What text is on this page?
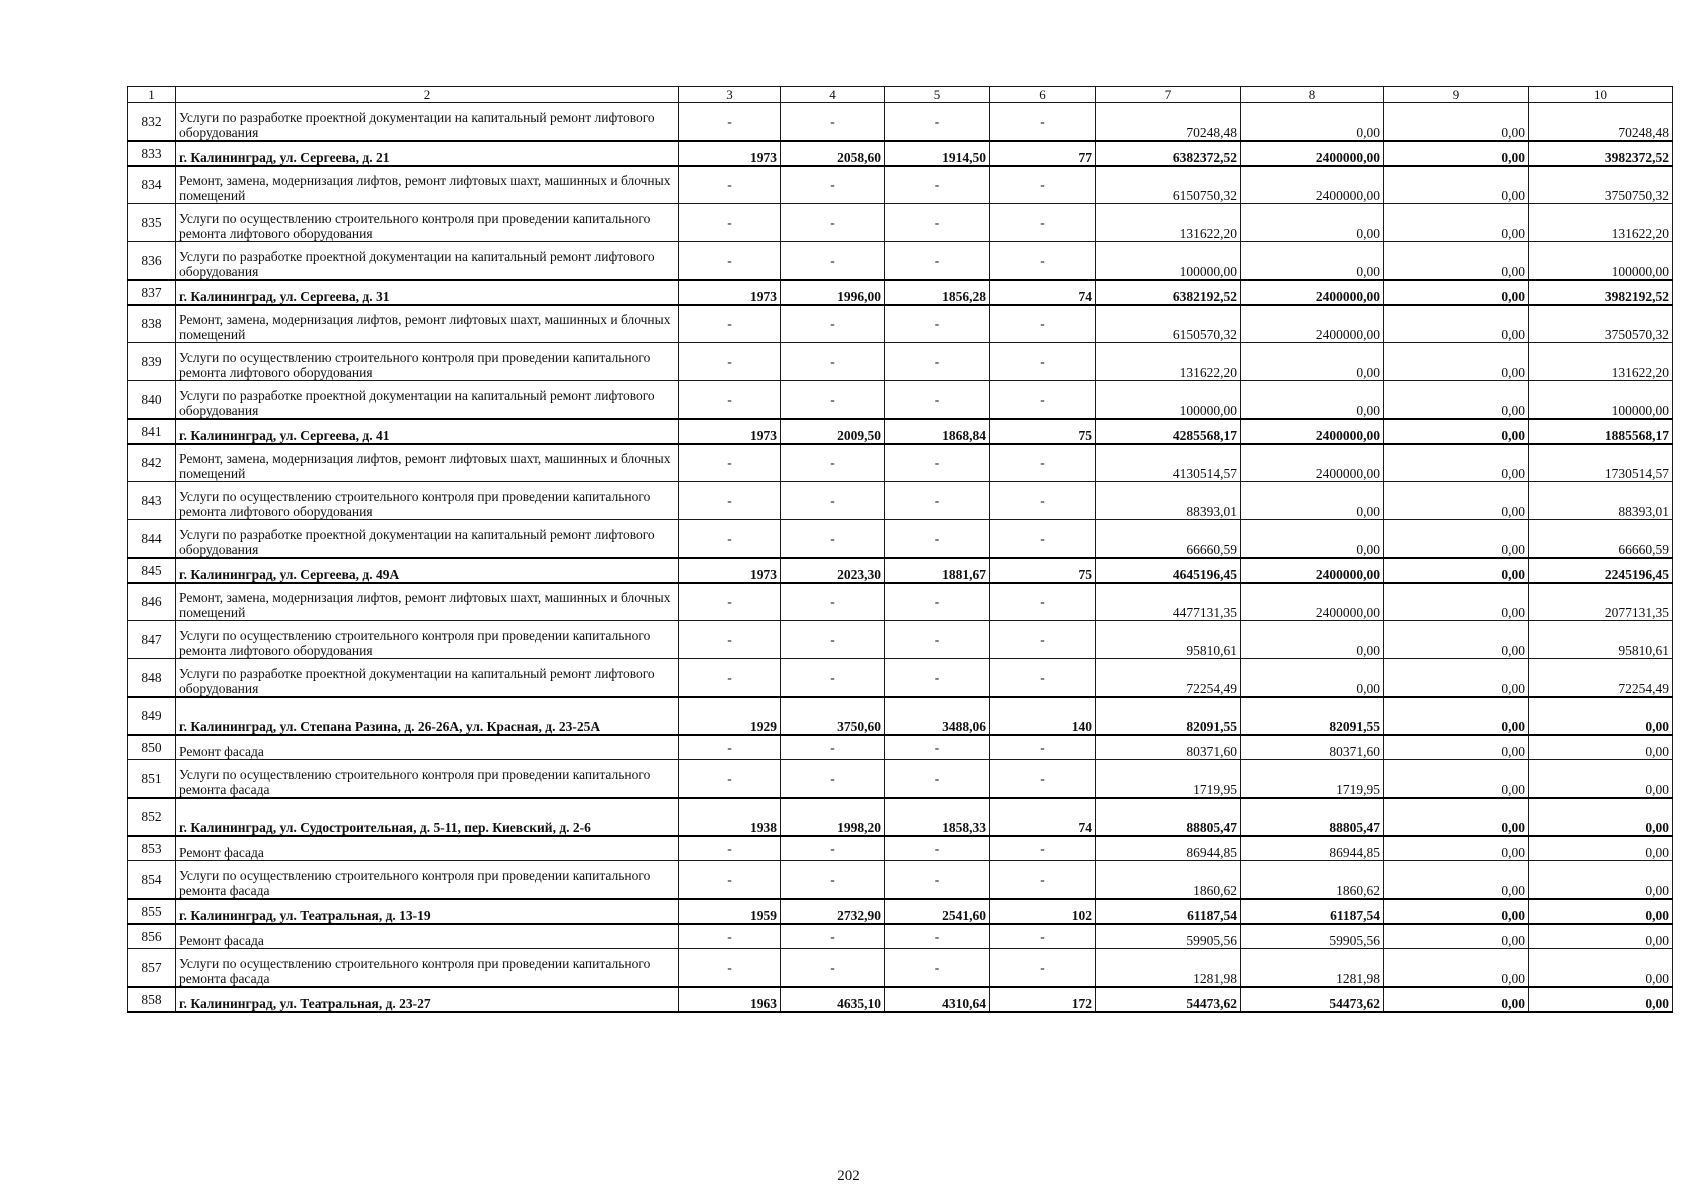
1	2	3	4	5	6	7	8	9	10
832	Услуги по разработке проектной документации на капитальный ремонт лифтового оборудования	-	-	-	-	70248,48	0,00	0,00	70248,48
833	г. Калининград, ул. Сергеева, д. 21	1973	2058,60	1914,50	77	6382372,52	2400000,00	0,00	3982372,52
834	Ремонт, замена, модернизация лифтов, ремонт лифтовых шахт, машинных и блочных помещений	-	-	-	-	6150750,32	2400000,00	0,00	3750750,32
835	Услуги по осуществлению строительного контроля при проведении капитального ремонта лифтового оборудования	-	-	-	-	131622,20	0,00	0,00	131622,20
836	Услуги по разработке проектной документации на капитальный ремонт лифтового оборудования	-	-	-	-	100000,00	0,00	0,00	100000,00
837	г. Калининград, ул. Сергеева, д. 31	1973	1996,00	1856,28	74	6382192,52	2400000,00	0,00	3982192,52
838	Ремонт, замена, модернизация лифтов, ремонт лифтовых шахт, машинных и блочных помещений	-	-	-	-	6150570,32	2400000,00	0,00	3750570,32
839	Услуги по осуществлению строительного контроля при проведении капитального ремонта лифтового оборудования	-	-	-	-	131622,20	0,00	0,00	131622,20
840	Услуги по разработке проектной документации на капитальный ремонт лифтового оборудования	-	-	-	-	100000,00	0,00	0,00	100000,00
841	г. Калининград, ул. Сергеева, д. 41	1973	2009,50	1868,84	75	4285568,17	2400000,00	0,00	1885568,17
842	Ремонт, замена, модернизация лифтов, ремонт лифтовых шахт, машинных и блочных помещений	-	-	-	-	4130514,57	2400000,00	0,00	1730514,57
843	Услуги по осуществлению строительного контроля при проведении капитального ремонта лифтового оборудования	-	-	-	-	88393,01	0,00	0,00	88393,01
844	Услуги по разработке проектной документации на капитальный ремонт лифтового оборудования	-	-	-	-	66660,59	0,00	0,00	66660,59
845	г. Калининград, ул. Сергеева, д. 49А	1973	2023,30	1881,67	75	4645196,45	2400000,00	0,00	2245196,45
846	Ремонт, замена, модернизация лифтов, ремонт лифтовых шахт, машинных и блочных помещений	-	-	-	-	4477131,35	2400000,00	0,00	2077131,35
847	Услуги по осуществлению строительного контроля при проведении капитального ремонта лифтового оборудования	-	-	-	-	95810,61	0,00	0,00	95810,61
848	Услуги по разработке проектной документации на капитальный ремонт лифтового оборудования	-	-	-	-	72254,49	0,00	0,00	72254,49
849	г. Калининград, ул. Степана Разина, д. 26-26А, ул. Красная, д. 23-25А	1929	3750,60	3488,06	140	82091,55	82091,55	0,00	0,00
850	Ремонт фасада	-	-	-	-	80371,60	80371,60	0,00	0,00
851	Услуги по осуществлению строительного контроля при проведении капитального ремонта фасада	-	-	-	-	1719,95	1719,95	0,00	0,00
852	г. Калининград, ул. Судостроительная, д. 5-11, пер. Киевский, д. 2-6	1938	1998,20	1858,33	74	88805,47	88805,47	0,00	0,00
853	Ремонт фасада	-	-	-	-	86944,85	86944,85	0,00	0,00
854	Услуги по осуществлению строительного контроля при проведении капитального ремонта фасада	-	-	-	-	1860,62	1860,62	0,00	0,00
855	г. Калининград, ул. Театральная, д. 13-19	1959	2732,90	2541,60	102	61187,54	61187,54	0,00	0,00
856	Ремонт фасада	-	-	-	-	59905,56	59905,56	0,00	0,00
857	Услуги по осуществлению строительного контроля при проведении капитального ремонта фасада	-	-	-	-	1281,98	1281,98	0,00	0,00
858	г. Калининград, ул. Театральная, д. 23-27	1963	4635,10	4310,64	172	54473,62	54473,62	0,00	0,00
202
